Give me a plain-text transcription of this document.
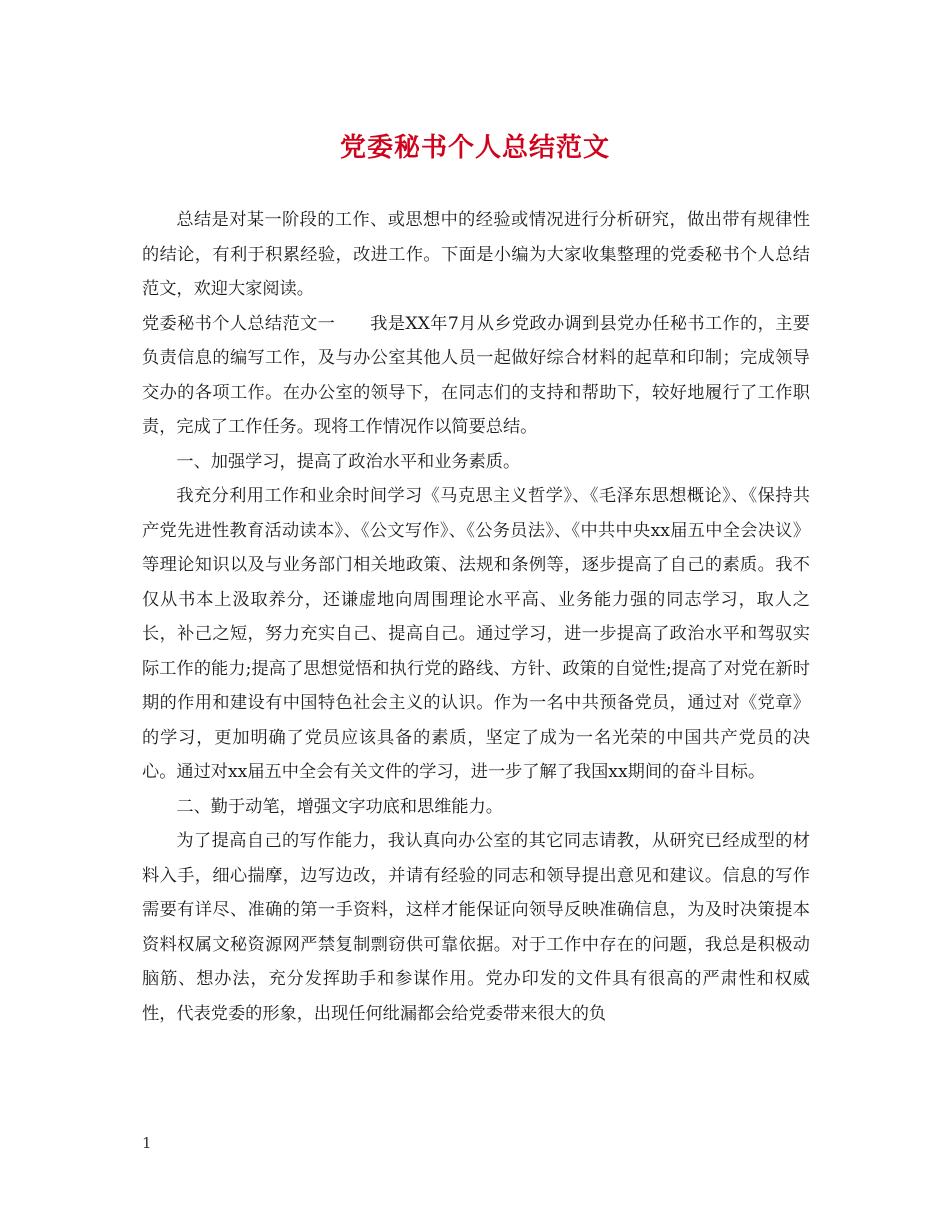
党委秘书个人总结范文

总结是对某一阶段的工作、或思想中的经验或情况进行分析研究，做出带有规律性的结论，有利于积累经验，改进工作。下面是小编为大家收集整理的党委秘书个人总结范文，欢迎大家阅读。

党委秘书个人总结范文一　　我是XX年7月从乡党政办调到县党办任秘书工作的，主要负责信息的编写工作，及与办公室其他人员一起做好综合材料的起草和印制；完成领导交办的各项工作。在办公室的领导下，在同志们的支持和帮助下，较好地履行了工作职责，完成了工作任务。现将工作情况作以简要总结。

一、加强学习，提高了政治水平和业务素质。

我充分利用工作和业余时间学习《马克思主义哲学》、《毛泽东思想概论》、《保持共产党先进性教育活动读本》、《公文写作》、《公务员法》、《中共中央xx届五中全会决议》等理论知识以及与业务部门相关地政策、法规和条例等，逐步提高了自己的素质。我不仅从书本上汲取养分，还谦虚地向周围理论水平高、业务能力强的同志学习，取人之长，补己之短，努力充实自己、提高自己。通过学习，进一步提高了政治水平和驾驭实际工作的能力;提高了思想觉悟和执行党的路线、方针、政策的自觉性;提高了对党在新时期的作用和建设有中国特色社会主义的认识。作为一名中共预备党员，通过对《党章》的学习，更加明确了党员应该具备的素质，坚定了成为一名光荣的中国共产党员的决心。通过对xx届五中全会有关文件的学习，进一步了解了我国xx期间的奋斗目标。

二、勤于动笔，增强文字功底和思维能力。

为了提高自己的写作能力，我认真向办公室的其它同志请教，从研究已经成型的材料入手，细心揣摩，边写边改，并请有经验的同志和领导提出意见和建议。信息的写作需要有详尽、准确的第一手资料，这样才能保证向领导反映准确信息，为及时决策提本资料权属文秘资源网严禁复制剽窃供可靠依据。对于工作中存在的问题，我总是积极动脑筋、想办法，充分发挥助手和参谋作用。党办印发的文件具有很高的严肃性和权威性，代表党委的形象，出现任何纰漏都会给党委带来很大的负

1
